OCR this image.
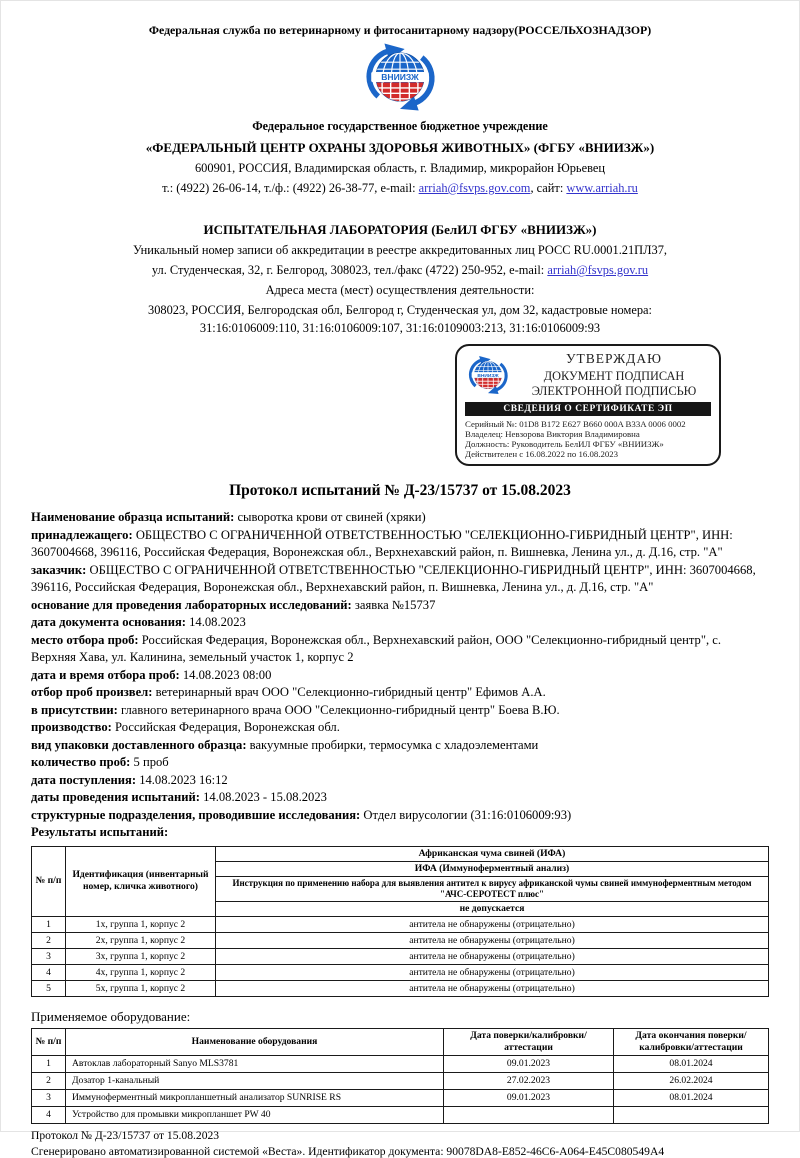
Федеральная служба по ветеринарному и фитосанитарному надзору(РОССЕЛЬХОЗНАДЗОР)
Федеральное государственное бюджетное учреждение
«ФЕДЕРАЛЬНЫЙ ЦЕНТР ОХРАНЫ ЗДОРОВЬЯ ЖИВОТНЫХ» (ФГБУ «ВНИИЗЖ»)
600901, РОССИЯ, Владимирская область, г. Владимир, микрорайон Юрьевец
т.: (4922) 26-06-14, т./ф.: (4922) 26-38-77, e-mail: arriah@fsvps.gov.com, сайт: www.arriah.ru
ИСПЫТАТЕЛЬНАЯ ЛАБОРАТОРИЯ (БелИЛ ФГБУ «ВНИИЗЖ»)
Уникальный номер записи об аккредитации в реестре аккредитованных лиц РОСС RU.0001.21ПЛ37,
ул. Студенческая, 32, г. Белгород, 308023, тел./факс (4722) 250-952, e-mail: arriah@fsvps.gov.ru
Адреса места (мест) осуществления деятельности:
308023, РОССИЯ, Белгородская обл, Белгород г, Студенческая ул, дом 32, кадастровые номера:
31:16:0106009:110, 31:16:0106009:107, 31:16:0109003:213, 31:16:0106009:93
УТВЕРЖДАЮ
ДОКУМЕНТ ПОДПИСАН
ЭЛЕКТРОННОЙ ПОДПИСЬЮ
СВЕДЕНИЯ О СЕРТИФИКАТЕ ЭП
Серийный №: 01D8 B172 E627 B660 000A B33A 0006 0002
Владелец: Невзорова Виктория Владимировна
Должность: Руководитель БелИЛ ФГБУ «ВНИИЗЖ»
Действителен с 16.08.2022 по 16.08.2023
Протокол испытаний № Д-23/15737 от 15.08.2023

Наименование образца испытаний: сыворотка крови от свиней (хряки)

принадлежащего: ОБЩЕСТВО С ОГРАНИЧЕННОЙ ОТВЕТСТВЕННОСТЬЮ "СЕЛЕКЦИОННО-ГИБРИДНЫЙ ЦЕНТР", ИНН: 3607004668, 396116, Российская Федерация, Воронежская обл., Верхнехавский район, п. Вишневка, Ленина ул., д. Д.16, стр. "А"

заказчик: ОБЩЕСТВО С ОГРАНИЧЕННОЙ ОТВЕТСТВЕННОСТЬЮ "СЕЛЕКЦИОННО-ГИБРИДНЫЙ ЦЕНТР", ИНН: 3607004668, 396116, Российская Федерация, Воронежская обл., Верхнехавский район, п. Вишневка, Ленина ул., д. Д.16, стр. "А"

основание для проведения лабораторных исследований: заявка №15737

дата документа основания: 14.08.2023

место отбора проб: Российская Федерация, Воронежская обл., Верхнехавский район, ООО "Селекционно-гибридный центр", с. Верхняя Хава, ул. Калинина, земельный участок 1, корпус 2

дата и время отбора проб: 14.08.2023 08:00

отбор проб произвел: ветеринарный врач ООО "Селекционно-гибридный центр" Ефимов А.А.

в присутствии: главного ветеринарного врача ООО "Селекционно-гибридный центр" Боева В.Ю.

производство: Российская Федерация, Воронежская обл.

вид упаковки доставленного образца: вакуумные пробирки, термосумка с хладоэлементами

количество проб: 5 проб

дата поступления: 14.08.2023 16:12

даты проведения испытаний: 14.08.2023 - 15.08.2023

структурные подразделения, проводившие исследования: Отдел вирусологии (31:16:0106009:93)

Результаты испытаний:

№ п/п	Идентификация (инвентарный номер, кличка животного)	Африканская чума свиней (ИФА)
		ИФА (Иммуноферментный анализ)
		Инструкция по применению набора для выявления антител к вирусу африканской чумы свиней иммуноферментным методом "АЧС-СЕРОТЕСТ плюс"
		не допускается
1	1х, группа 1, корпус 2	антитела не обнаружены (отрицательно)
2	2х, группа 1, корпус 2	антитела не обнаружены (отрицательно)
3	3х, группа 1, корпус 2	антитела не обнаружены (отрицательно)
4	4х, группа 1, корпус 2	антитела не обнаружены (отрицательно)
5	5х, группа 1, корпус 2	антитела не обнаружены (отрицательно)
Применяемое оборудование:
№ п/п	Наименование оборудования	Дата поверки/калибровки/аттестации	Дата окончания поверки/калибровки/аттестации
1	Автоклав лабораторный Sanyo MLS3781	09.01.2023	08.01.2024
2	Дозатор 1-канальный	27.02.2023	26.02.2024
3	Иммуноферментный микропланшетный анализатор SUNRISE RS	09.01.2023	08.01.2024
4	Устройство для промывки микропланшет PW 40		
Протокол № Д-23/15737 от 15.08.2023
Сгенерировано автоматизированной системой «Веста». Идентификатор документа: 90078DA8-E852-46C6-A064-E45C080549A4
